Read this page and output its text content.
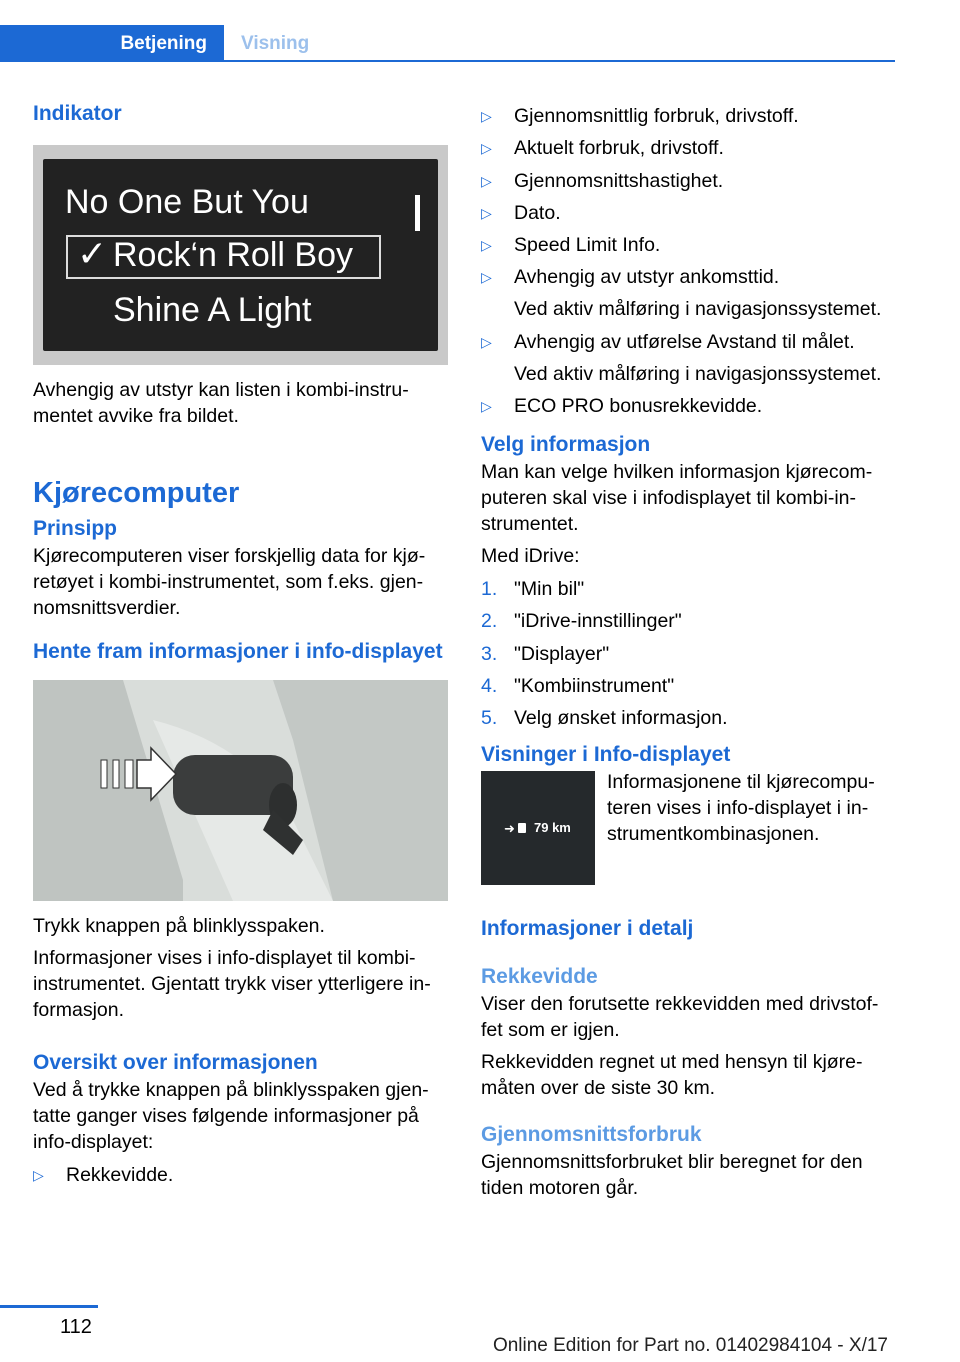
Betjening	Visning

Indikator

No One But You
✓ Rock‘n Roll Boy
Shine A Light

Avhengig av utstyr kan listen i kombi-instru-mentet avvike fra bildet.

Kjørecomputer

Prinsipp

Kjørecomputeren viser forskjellig data for kjø-retøyet i kombi-instrumentet, som f.eks. gjen-nomsnittsverdier.

Hente fram informasjoner i info-displayet

Trykk knappen på blinklysspaken.

Informasjoner vises i info-displayet til kombi-instrumentet. Gjentatt trykk viser ytterligere in-formasjon.

Oversikt over informasjonen

Ved å trykke knappen på blinklysspaken gjen-tatte ganger vises følgende informasjoner på info-displayet:

▷ Rekkevidde.
▷ Gjennomsnittlig forbruk, drivstoff.
▷ Aktuelt forbruk, drivstoff.
▷ Gjennomsnittshastighet.
▷ Dato.
▷ Speed Limit Info.
▷ Avhengig av utstyr ankomsttid.
Ved aktiv målføring i navigasjonssystemet.
▷ Avhengig av utførelse Avstand til målet.
Ved aktiv målføring i navigasjonssystemet.
▷ ECO PRO bonusrekkevidde.

Velg informasjon

Man kan velge hvilken informasjon kjørecom-puteren skal vise i infodisplayet til kombi-in-strumentet.

Med iDrive:

1. "Min bil"
2. "iDrive-innstillinger"
3. "Displayer"
4. "Kombiinstrument"
5. Velg ønsket informasjon.

Visninger i Info-displayet

➜ 79 km

Informasjonene til kjørecompu-teren vises i info-displayet i in-strumentkombinasjonen.

Informasjoner i detalj

Rekkevidde

Viser den forutsette rekkevidden med drivstof-fet som er igjen.

Rekkevidden regnet ut med hensyn til kjøre-måten over de siste 30 km.

Gjennomsnittsforbruk

Gjennomsnittsforbruket blir beregnet for den tiden motoren går.

112
Online Edition for Part no. 01402984104 - X/17
